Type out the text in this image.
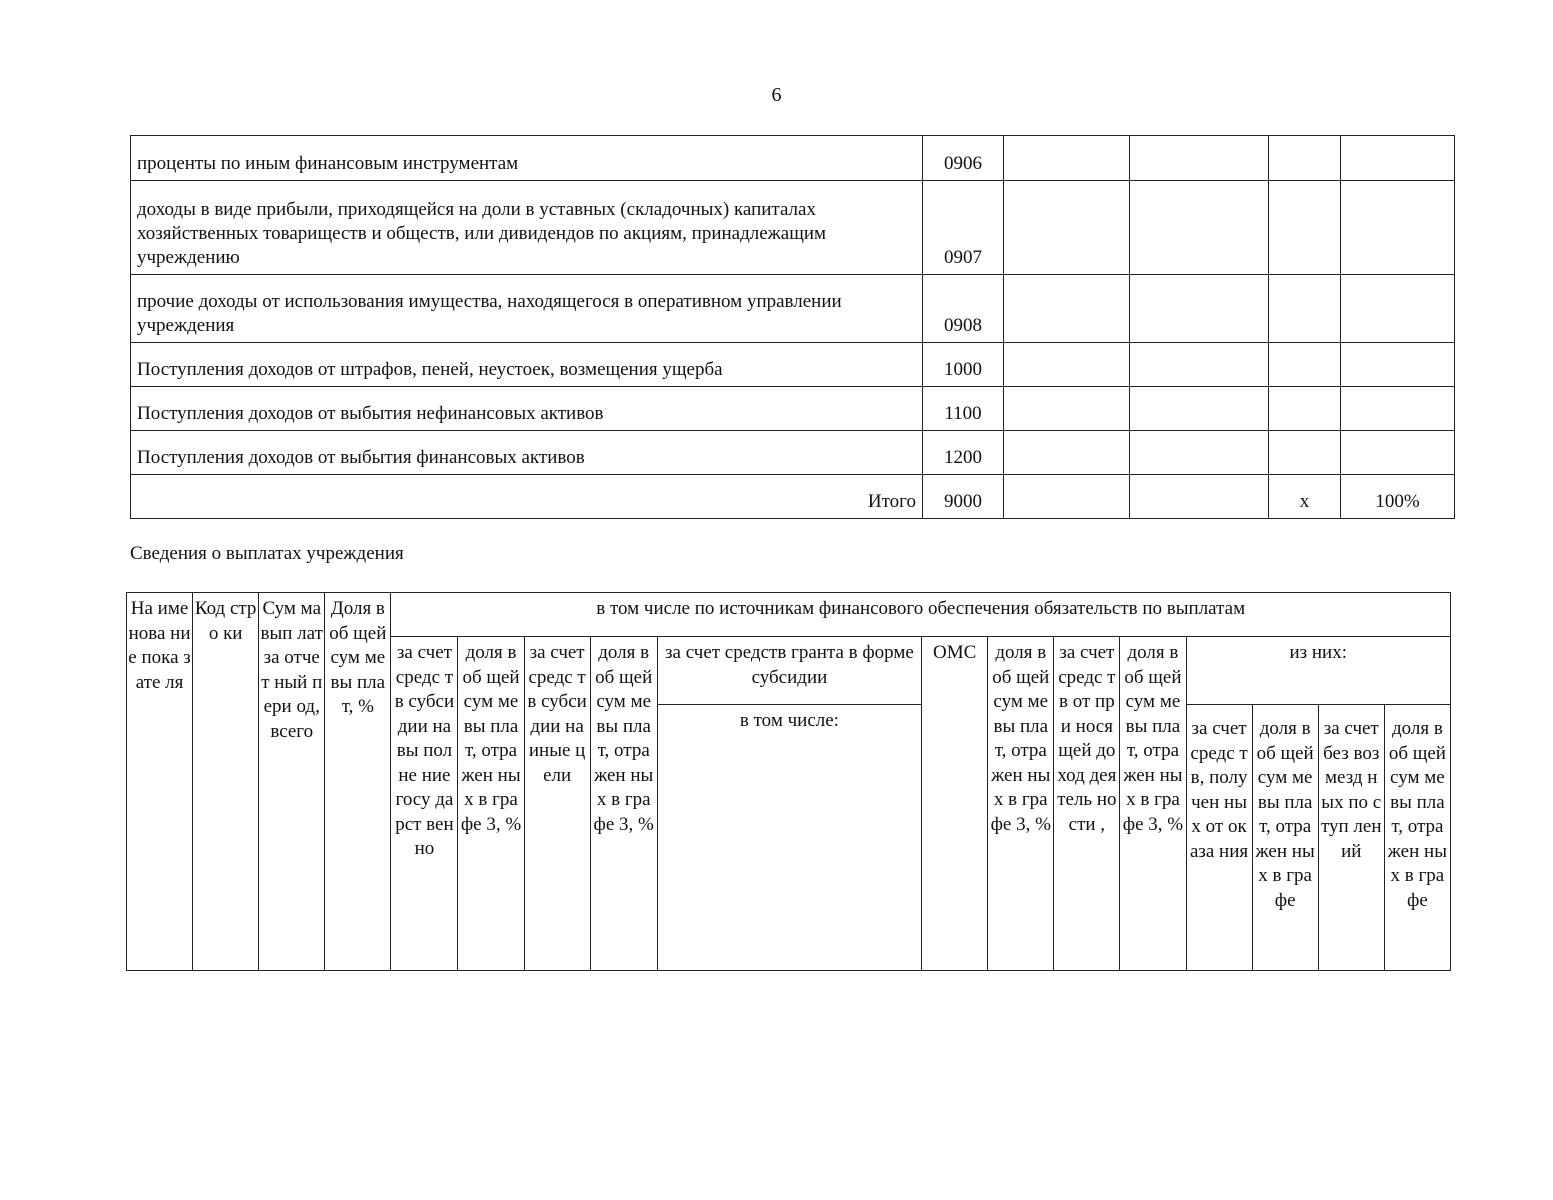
6
проценты по иным финансовым инструментам	0906				
доходы в виде прибыли, приходящейся на доли в уставных (складочных) капиталах хозяйственных товариществ и обществ, или дивидендов по акциям, принадлежащим учреждению	0907				
прочие доходы от использования имущества, находящегося в оперативном управлении учреждения	0908				
Поступления доходов от штрафов, пеней, неустоек, возмещения ущерба	1000				
Поступления доходов от выбытия нефинансовых активов	1100				
Поступления доходов от выбытия финансовых активов	1200				
Итого	9000			x	100%
Сведения о выплатах учреждения
На име нова ние пока зате ля	Код стро ки	Сум ма вып лат за отчет ный пери од, всего	Доля в об щей сум ме вы плат, %	в том числе по источникам финансового обеспечения обязательств по выплатам												
				за счет средс тв субси дии на вы полне ние госу дарст венно	доля в об щей сум ме вы плат, отра жен ных в графе 3, %	за счет средс тв субси дии на иные цели	доля в об щей сум ме вы плат, отра жен ных в графе 3, %	за счет средств гранта в форме субсидии	ОМС	доля в об щей сум ме вы плат, отра жен ных в графе 3, %	за счет средс тв от при нося щей доход дея тель ности ,	доля в об щей сум ме вы плат, отра жен ных в графе 3, %	из них:			
								в том числе:					за счет средс тв, полу чен ных от оказа ния	доля в об щей сум ме вы плат, отра жен ных в графе	за счет без воз мезд ных по ступ лений	доля в об щей сум ме вы плат, отра жен ных в графе
